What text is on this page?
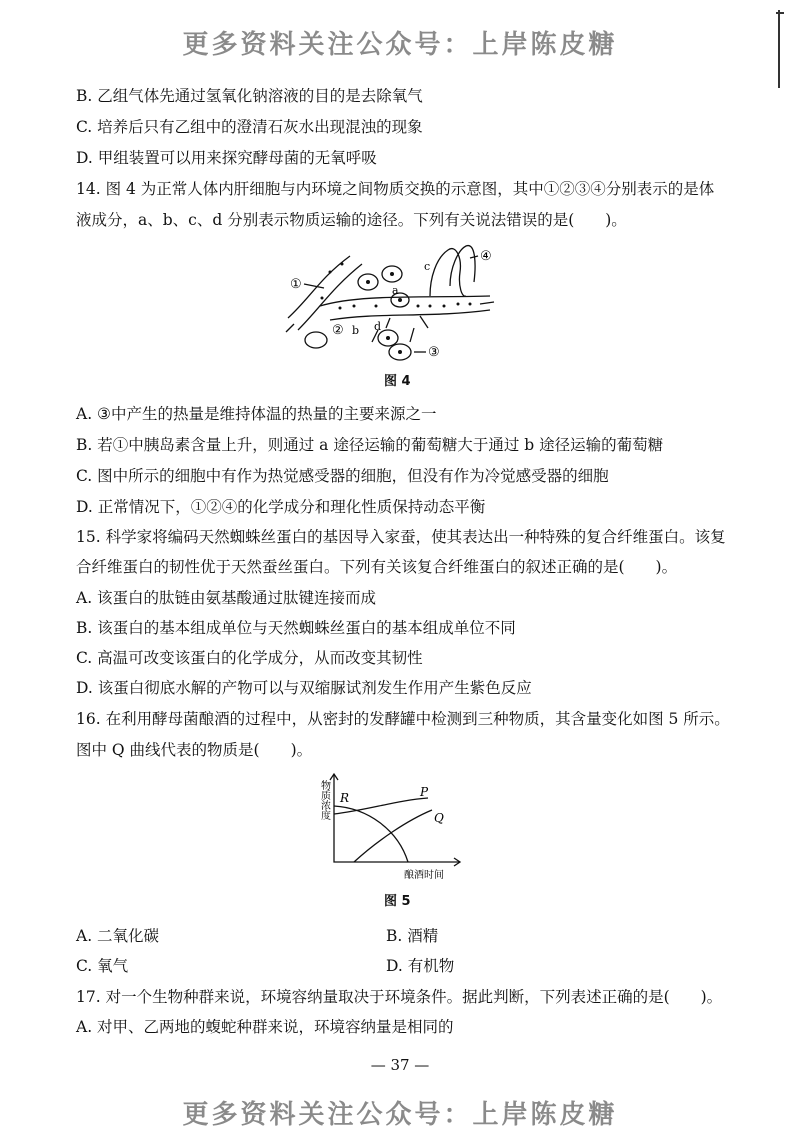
更多资料关注公众号：上岸陈皮糖
B. 乙组气体先通过氢氧化钠溶液的目的是去除氧气
C. 培养后只有乙组中的澄清石灰水出现混浊的现象
D. 甲组装置可以用来探究酵母菌的无氧呼吸
14. 图 4 为正常人体内肝细胞与内环境之间物质交换的示意图，其中①②③④分别表示的是体
液成分，a、b、c、d 分别表示物质运输的途径。下列有关说法错误的是(　　)。
①
④
②
③
a
b
c
d
图 4
A. ③中产生的热量是维持体温的热量的主要来源之一
B. 若①中胰岛素含量上升，则通过 a 途径运输的葡萄糖大于通过 b 途径运输的葡萄糖
C. 图中所示的细胞中有作为热觉感受器的细胞，但没有作为冷觉感受器的细胞
D. 正常情况下，①②④的化学成分和理化性质保持动态平衡
15. 科学家将编码天然蜘蛛丝蛋白的基因导入家蚕，使其表达出一种特殊的复合纤维蛋白。该复
合纤维蛋白的韧性优于天然蚕丝蛋白。下列有关该复合纤维蛋白的叙述正确的是(　　)。
A. 该蛋白的肽链由氨基酸通过肽键连接而成
B. 该蛋白的基本组成单位与天然蜘蛛丝蛋白的基本组成单位不同
C. 高温可改变该蛋白的化学成分，从而改变其韧性
D. 该蛋白彻底水解的产物可以与双缩脲试剂发生作用产生紫色反应
16. 在利用酵母菌酿酒的过程中，从密封的发酵罐中检测到三种物质，其含量变化如图 5 所示。
图中 Q 曲线代表的物质是(　　)。
R	P
Q
物质浓度
酿酒时间
图 5
A. 二氧化碳	B. 酒精
C. 氧气	D. 有机物
17. 对一个生物种群来说，环境容纳量取决于环境条件。据此判断，下列表述正确的是(　　)。
A. 对甲、乙两地的蝮蛇种群来说，环境容纳量是相同的
— 37 —
更多资料关注公众号：上岸陈皮糖
